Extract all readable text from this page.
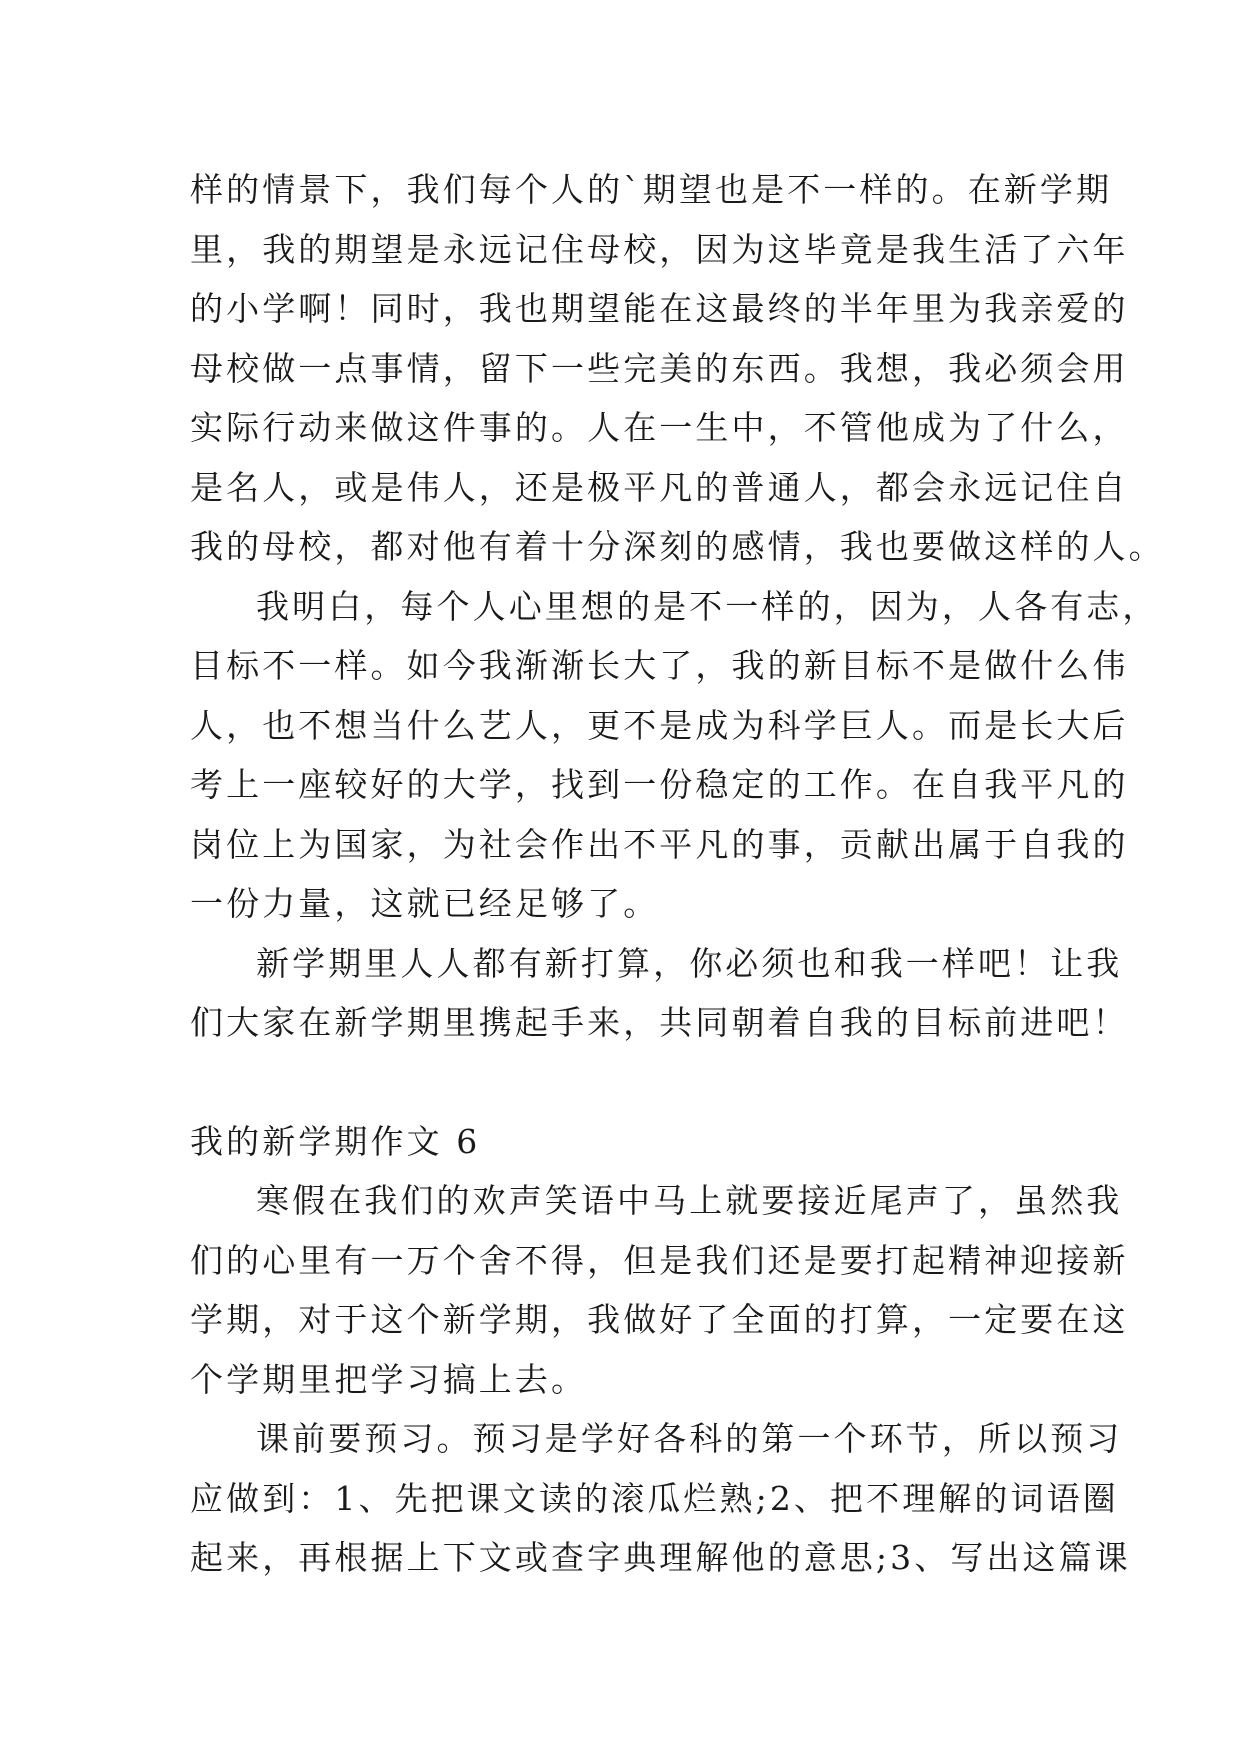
样的情景下，我们每个人的`期望也是不一样的。在新学期
里，我的期望是永远记住母校，因为这毕竟是我生活了六年
的小学啊！同时，我也期望能在这最终的半年里为我亲爱的
母校做一点事情，留下一些完美的东西。我想，我必须会用
实际行动来做这件事的。人在一生中，不管他成为了什么，
是名人，或是伟人，还是极平凡的普通人，都会永远记住自
我的母校，都对他有着十分深刻的感情，我也要做这样的人。
我明白，每个人心里想的是不一样的，因为，人各有志，
目标不一样。如今我渐渐长大了，我的新目标不是做什么伟
人，也不想当什么艺人，更不是成为科学巨人。而是长大后
考上一座较好的大学，找到一份稳定的工作。在自我平凡的
岗位上为国家，为社会作出不平凡的事，贡献出属于自我的
一份力量，这就已经足够了。
新学期里人人都有新打算，你必须也和我一样吧！让我
们大家在新学期里携起手来，共同朝着自我的目标前进吧！
我的新学期作文 6
寒假在我们的欢声笑语中马上就要接近尾声了，虽然我
们的心里有一万个舍不得，但是我们还是要打起精神迎接新
学期，对于这个新学期，我做好了全面的打算，一定要在这
个学期里把学习搞上去。
课前要预习。预习是学好各科的第一个环节，所以预习
应做到：1、先把课文读的滚瓜烂熟;2、把不理解的词语圈
起来，再根据上下文或查字典理解他的意思;3、写出这篇课
